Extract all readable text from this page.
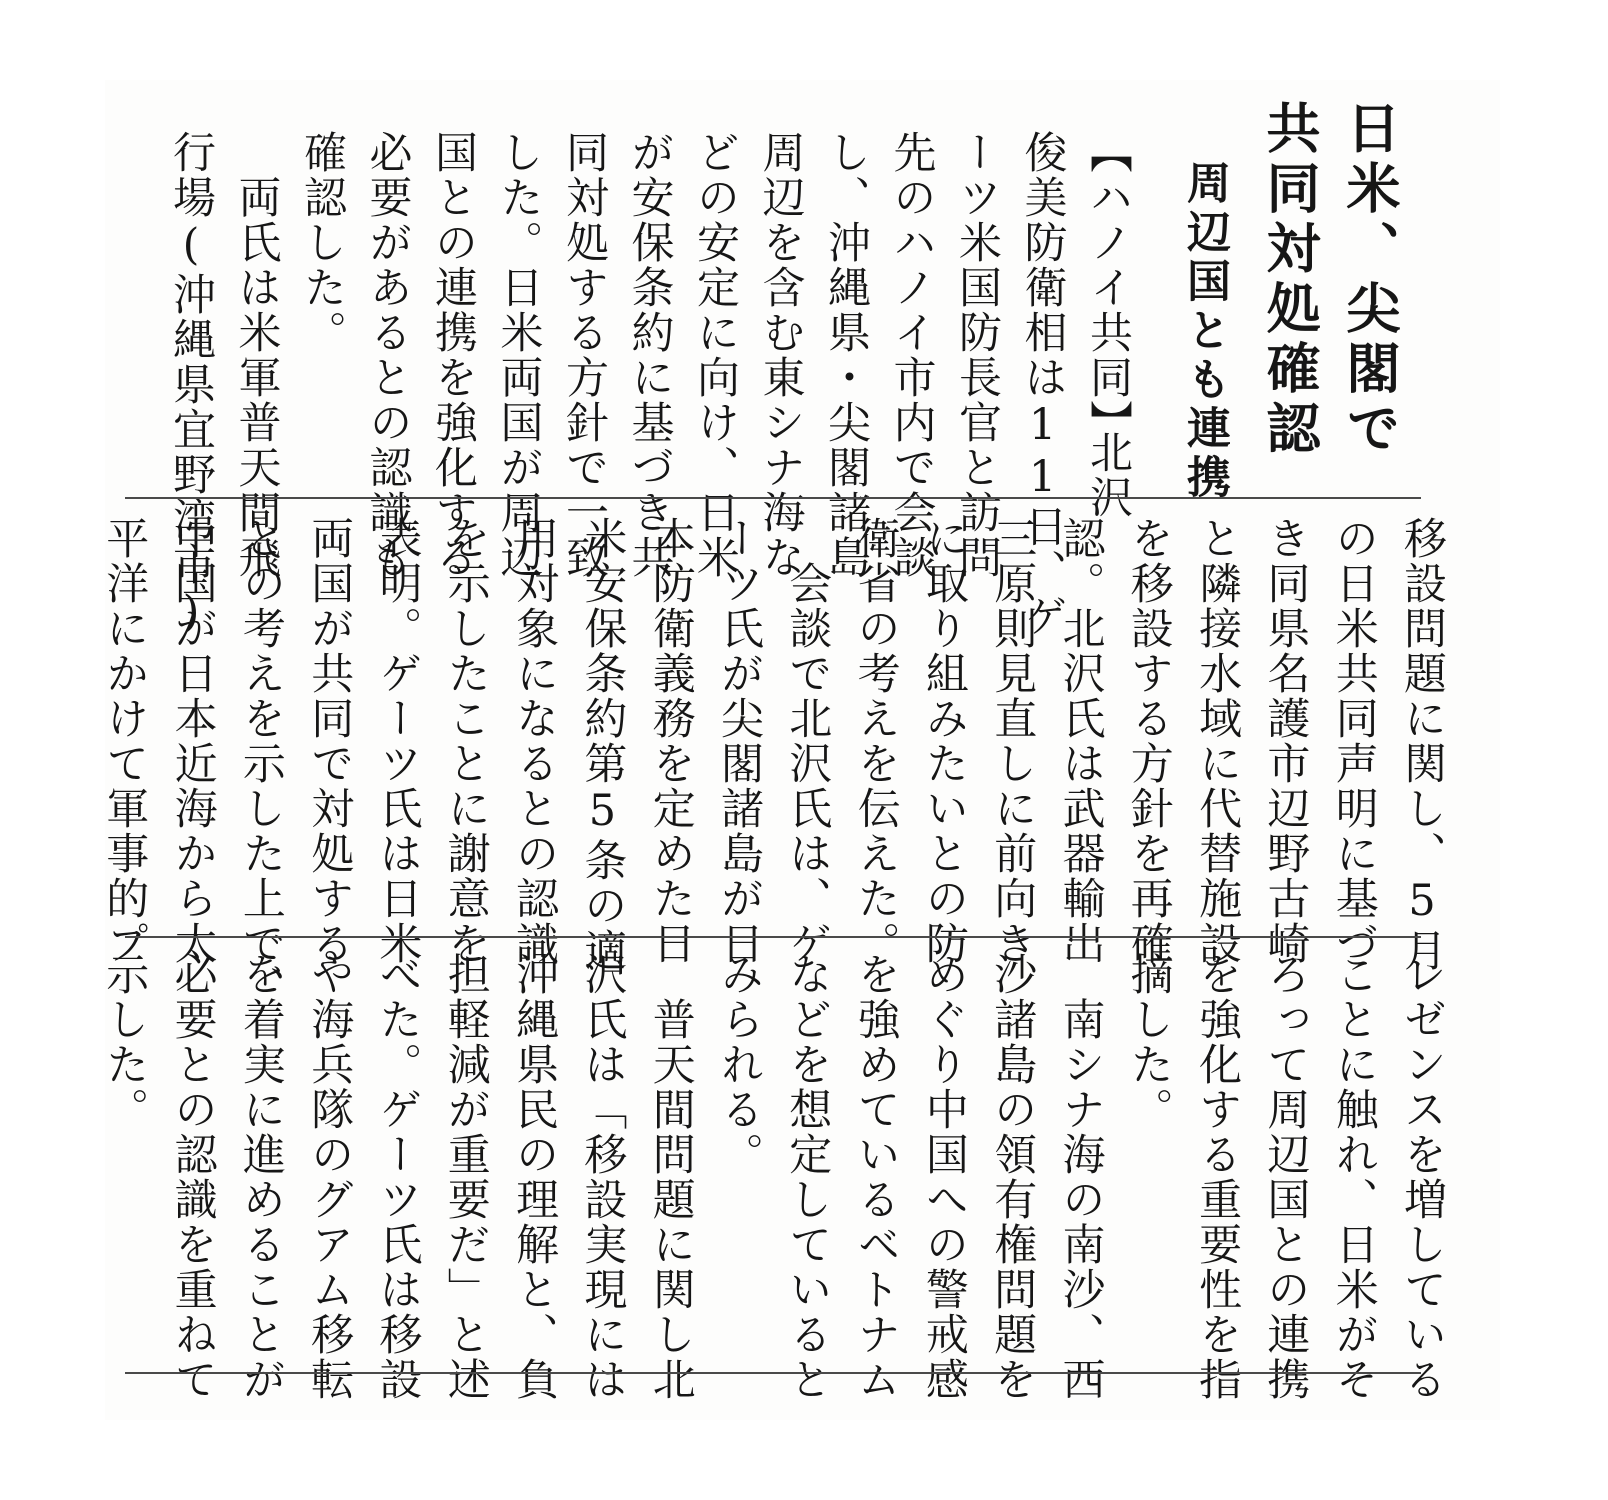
日米、尖閣で
共同対処確認
周辺国とも連携
【ハノイ共同】
北沢
俊美防衛相は11日、ゲ
ーツ米国防長官と訪問
先のハノイ市内で会談
し、沖縄県・尖閣諸島
周辺を含む東シナ海な
どの安定に向け、日米
が安保条約に基づき共
同対処する方針で一致
した。日米両国が周辺
国との連携を強化する
必要があるとの認識も
確認した。
　両氏は米軍普天間飛
行場(沖縄県宜野湾市)
移設問題に関し、5月
の日米共同声明に基づ
き同県名護市辺野古崎
と隣接水域に代替施設
を移設する方針を再確
認。北沢氏は武器輸出
三原則見直しに前向き
に取り組みたいとの防
衛省の考えを伝えた。
　会談で北沢氏は、ゲ
ーツ氏が尖閣諸島が日
本防衛義務を定めた日
米安保条約第5条の適
用対象になるとの認識
を示したことに謝意を
表明。ゲーツ氏は日米
両国が共同で対処する
との考えを示した上で、
中国が日本近海から太
平洋にかけて軍事的プ
レゼンスを増している
ことに触れ、日米がそ
ろって周辺国との連携
を強化する重要性を指
摘した。
　南シナ海の南沙、西
沙諸島の領有権問題を
めぐり中国への警戒感
を強めているベトナム
などを想定していると
みられる。
　普天間問題に関し北
沢氏は「移設実現には
沖縄県民の理解と、負
担軽減が重要だ」と述
べた。ゲーツ氏は移設
や海兵隊のグアム移転
を着実に進めることが
必要との認識を重ねて
示した。
